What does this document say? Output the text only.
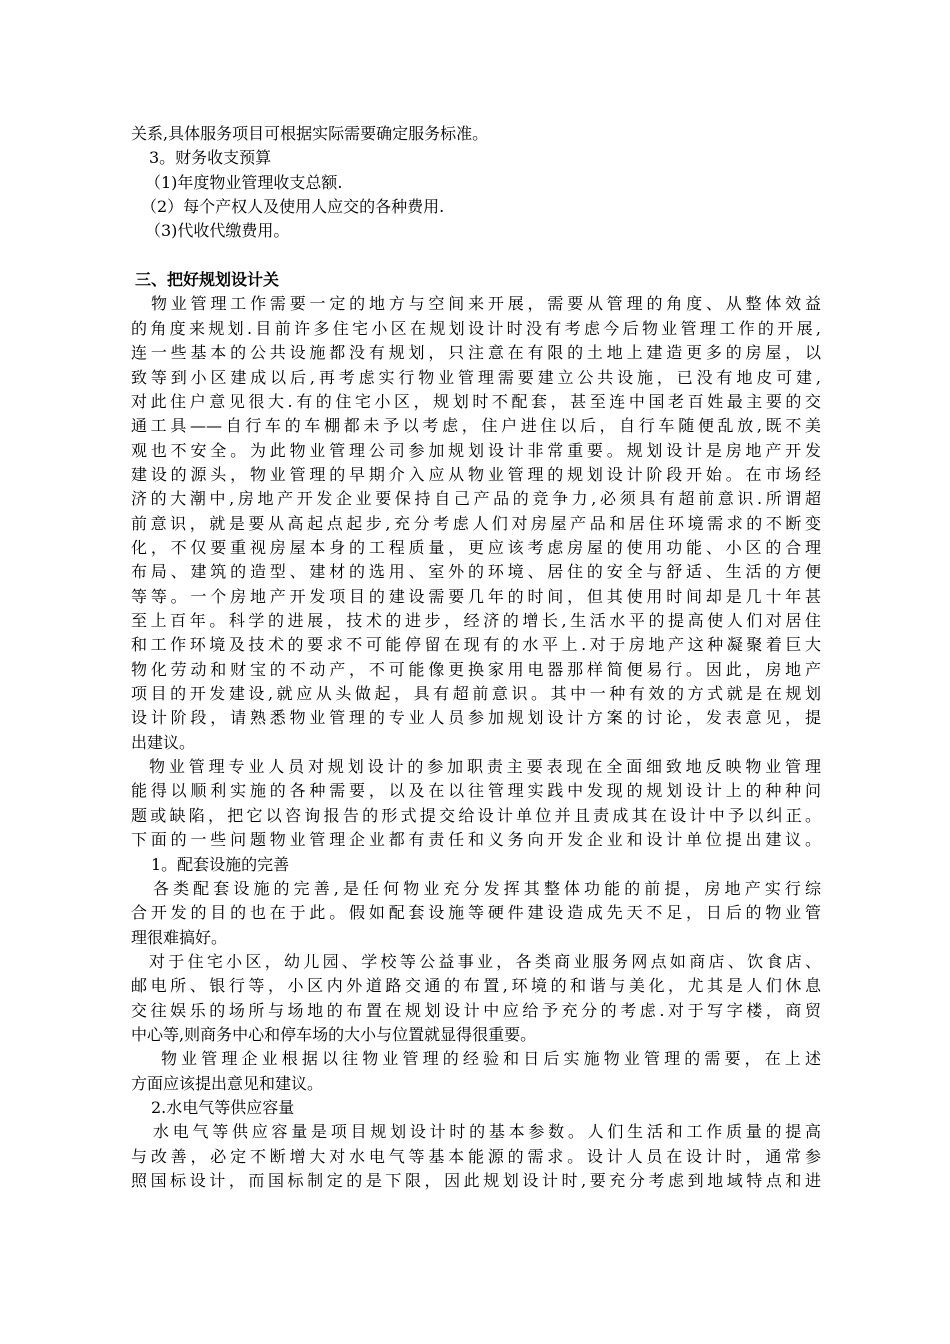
关系,具体服务项目可根据实际需要确定服务标准。
3。财务收支预算
（1)年度物业管理收支总额.
（2）每个产权人及使用人应交的各种费用.
（3)代收代缴费用。
三、把好规划设计关
物业管理工作需要一定的地方与空间来开展，需要从管理的角度、从整体效益
的角度来规划.目前许多住宅小区在规划设计时没有考虑今后物业管理工作的开展,
连一些基本的公共设施都没有规划，只注意在有限的土地上建造更多的房屋，以
致等到小区建成以后,再考虑实行物业管理需要建立公共设施，已没有地皮可建,
对此住户意见很大.有的住宅小区，规划时不配套，甚至连中国老百姓最主要的交
通工具——自行车的车棚都未予以考虑，住户进住以后，自行车随便乱放,既不美
观也不安全。为此物业管理公司参加规划设计非常重要。规划设计是房地产开发
建设的源头，物业管理的早期介入应从物业管理的规划设计阶段开始。在市场经
济的大潮中,房地产开发企业要保持自己产品的竞争力,必须具有超前意识.所谓超
前意识，就是要从高起点起步,充分考虑人们对房屋产品和居住环境需求的不断变
化，不仅要重视房屋本身的工程质量，更应该考虑房屋的使用功能、小区的合理
布局、建筑的造型、建材的选用、室外的环境、居住的安全与舒适、生活的方便
等等。一个房地产开发项目的建设需要几年的时间，但其使用时间却是几十年甚
至上百年。科学的进展，技术的进步，经济的增长,生活水平的提高使人们对居住
和工作环境及技术的要求不可能停留在现有的水平上.对于房地产这种凝聚着巨大
物化劳动和财宝的不动产，不可能像更换家用电器那样简便易行。因此，房地产
项目的开发建设,就应从头做起，具有超前意识。其中一种有效的方式就是在规划
设计阶段，请熟悉物业管理的专业人员参加规划设计方案的讨论，发表意见，提
出建议。
物业管理专业人员对规划设计的参加职责主要表现在全面细致地反映物业管理
能得以顺利实施的各种需要，以及在以往管理实践中发现的规划设计上的种种问
题或缺陷，把它以咨询报告的形式提交给设计单位并且责成其在设计中予以纠正。
下面的一些问题物业管理企业都有责任和义务向开发企业和设计单位提出建议。
1。配套设施的完善
各类配套设施的完善,是任何物业充分发挥其整体功能的前提，房地产实行综
合开发的目的也在于此。假如配套设施等硬件建设造成先天不足，日后的物业管
理很难搞好。
对于住宅小区，幼儿园、学校等公益事业，各类商业服务网点如商店、饮食店、
邮电所、银行等，小区内外道路交通的布置,环境的和谐与美化，尤其是人们休息
交往娱乐的场所与场地的布置在规划设计中应给予充分的考虑.对于写字楼，商贸
中心等,则商务中心和停车场的大小与位置就显得很重要。
物业管理企业根据以往物业管理的经验和日后实施物业管理的需要，在上述
方面应该提出意见和建议。
2.水电气等供应容量
水电气等供应容量是项目规划设计时的基本参数。人们生活和工作质量的提高
与改善，必定不断增大对水电气等基本能源的需求。设计人员在设计时，通常参
照国标设计，而国标制定的是下限，因此规划设计时,要充分考虑到地域特点和进
